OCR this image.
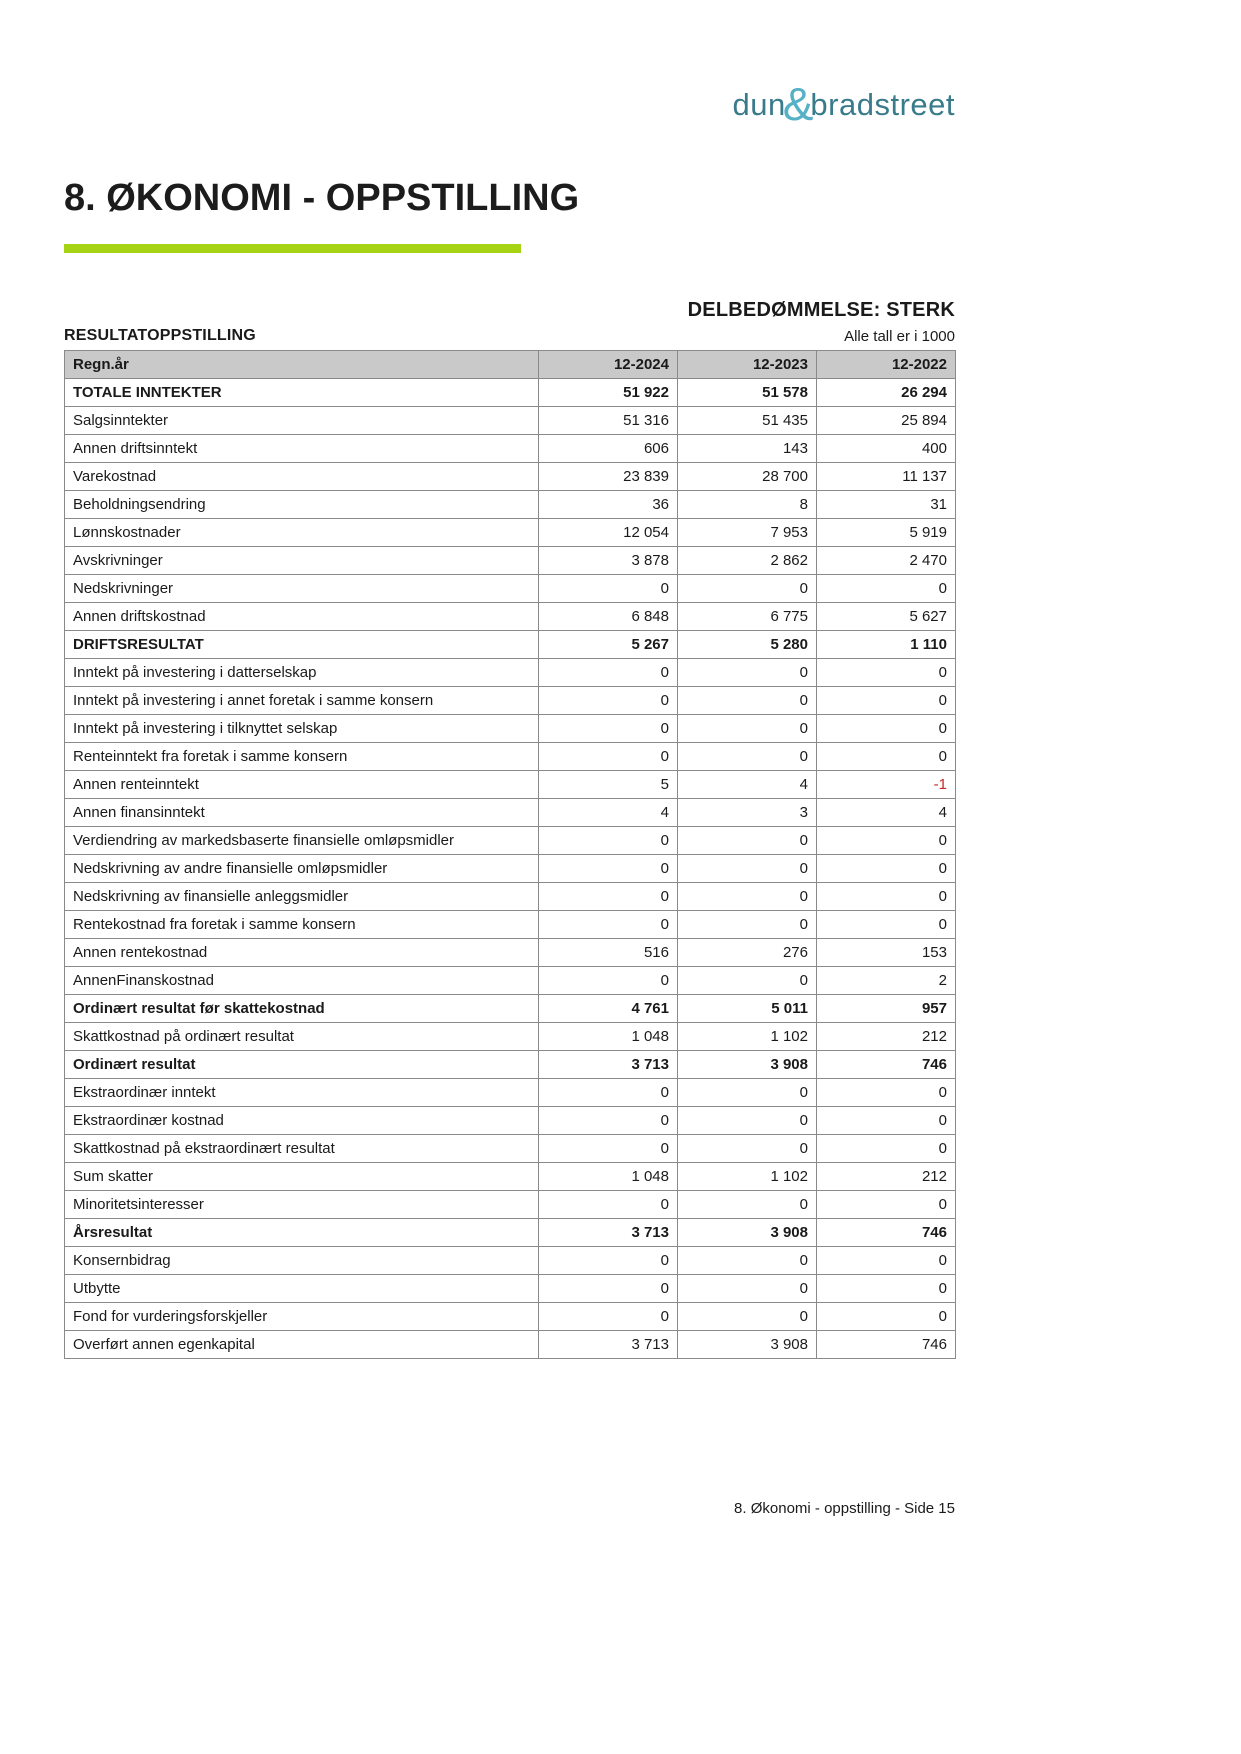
dun&bradstreet
8. ØKONOMI - OPPSTILLING
RESULTATOPPSTILLING
DELBEDØMMELSE: STERK
Alle tall er i 1000
Regn.år	12-2024	12-2023	12-2022
TOTALE INNTEKTER	51 922	51 578	26 294
Salgsinntekter	51 316	51 435	25 894
Annen driftsinntekt	606	143	400
Varekostnad	23 839	28 700	11 137
Beholdningsendring	36	8	31
Lønnskostnader	12 054	7 953	5 919
Avskrivninger	3 878	2 862	2 470
Nedskrivninger	0	0	0
Annen driftskostnad	6 848	6 775	5 627
DRIFTSRESULTAT	5 267	5 280	1 110
Inntekt på investering i datterselskap	0	0	0
Inntekt på investering i annet foretak i samme konsern	0	0	0
Inntekt på investering i tilknyttet selskap	0	0	0
Renteinntekt fra foretak i samme konsern	0	0	0
Annen renteinntekt	5	4	-1
Annen finansinntekt	4	3	4
Verdiendring av markedsbaserte finansielle omløpsmidler	0	0	0
Nedskrivning av andre finansielle omløpsmidler	0	0	0
Nedskrivning av finansielle anleggsmidler	0	0	0
Rentekostnad fra foretak i samme konsern	0	0	0
Annen rentekostnad	516	276	153
AnnenFinanskostnad	0	0	2
Ordinært resultat før skattekostnad	4 761	5 011	957
Skattkostnad på ordinært resultat	1 048	1 102	212
Ordinært resultat	3 713	3 908	746
Ekstraordinær inntekt	0	0	0
Ekstraordinær kostnad	0	0	0
Skattkostnad på ekstraordinært resultat	0	0	0
Sum skatter	1 048	1 102	212
Minoritetsinteresser	0	0	0
Årsresultat	3 713	3 908	746
Konsernbidrag	0	0	0
Utbytte	0	0	0
Fond for vurderingsforskjeller	0	0	0
Overført annen egenkapital	3 713	3 908	746
8. Økonomi - oppstilling - Side 15
